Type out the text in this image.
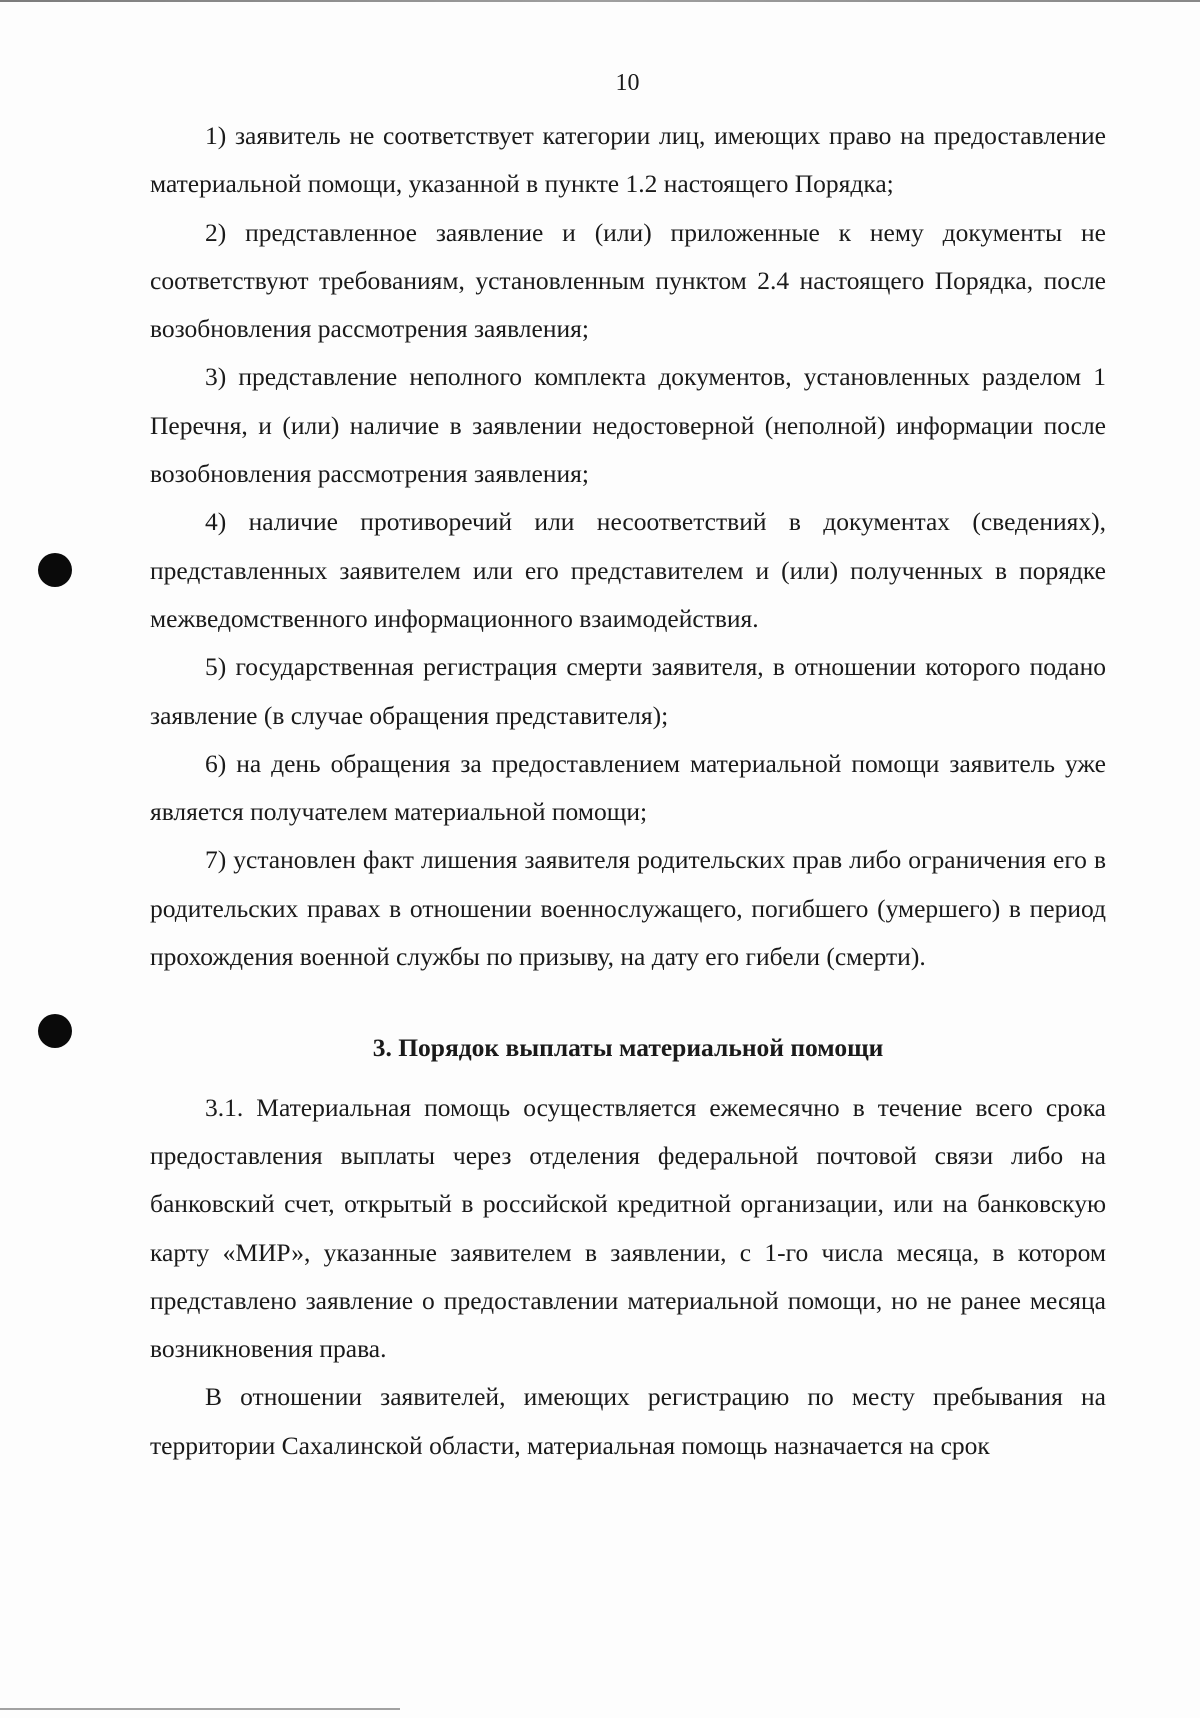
10

1) заявитель не соответствует категории лиц, имеющих право на предоставление материальной помощи, указанной в пункте 1.2 настоящего Порядка;

2) представленное заявление и (или) приложенные к нему документы не соответствуют требованиям, установленным пунктом 2.4 настоящего Порядка, после возобновления рассмотрения заявления;

3) представление неполного комплекта документов, установленных разделом 1 Перечня, и (или) наличие в заявлении недостоверной (неполной) информации после возобновления рассмотрения заявления;

4) наличие противоречий или несоответствий в документах (сведениях), представленных заявителем или его представителем и (или) полученных в порядке межведомственного информационного взаимодействия.

5) государственная регистрация смерти заявителя, в отношении которого подано заявление (в случае обращения представителя);

6) на день обращения за предоставлением материальной помощи заявитель уже является получателем материальной помощи;

7) установлен факт лишения заявителя родительских прав либо ограничения его в родительских правах в отношении военнослужащего, погибшего (умершего) в период прохождения военной службы по призыву, на дату его гибели (смерти).

3. Порядок выплаты материальной помощи

3.1. Материальная помощь осуществляется ежемесячно в течение всего срока предоставления выплаты через отделения федеральной почтовой связи либо на банковский счет, открытый в российской кредитной организации, или на банковскую карту «МИР», указанные заявителем в заявлении, с 1-го числа месяца, в котором представлено заявление о предоставлении материальной помощи, но не ранее месяца возникновения права.

В отношении заявителей, имеющих регистрацию по месту пребывания на территории Сахалинской области, материальная помощь назначается на срок
